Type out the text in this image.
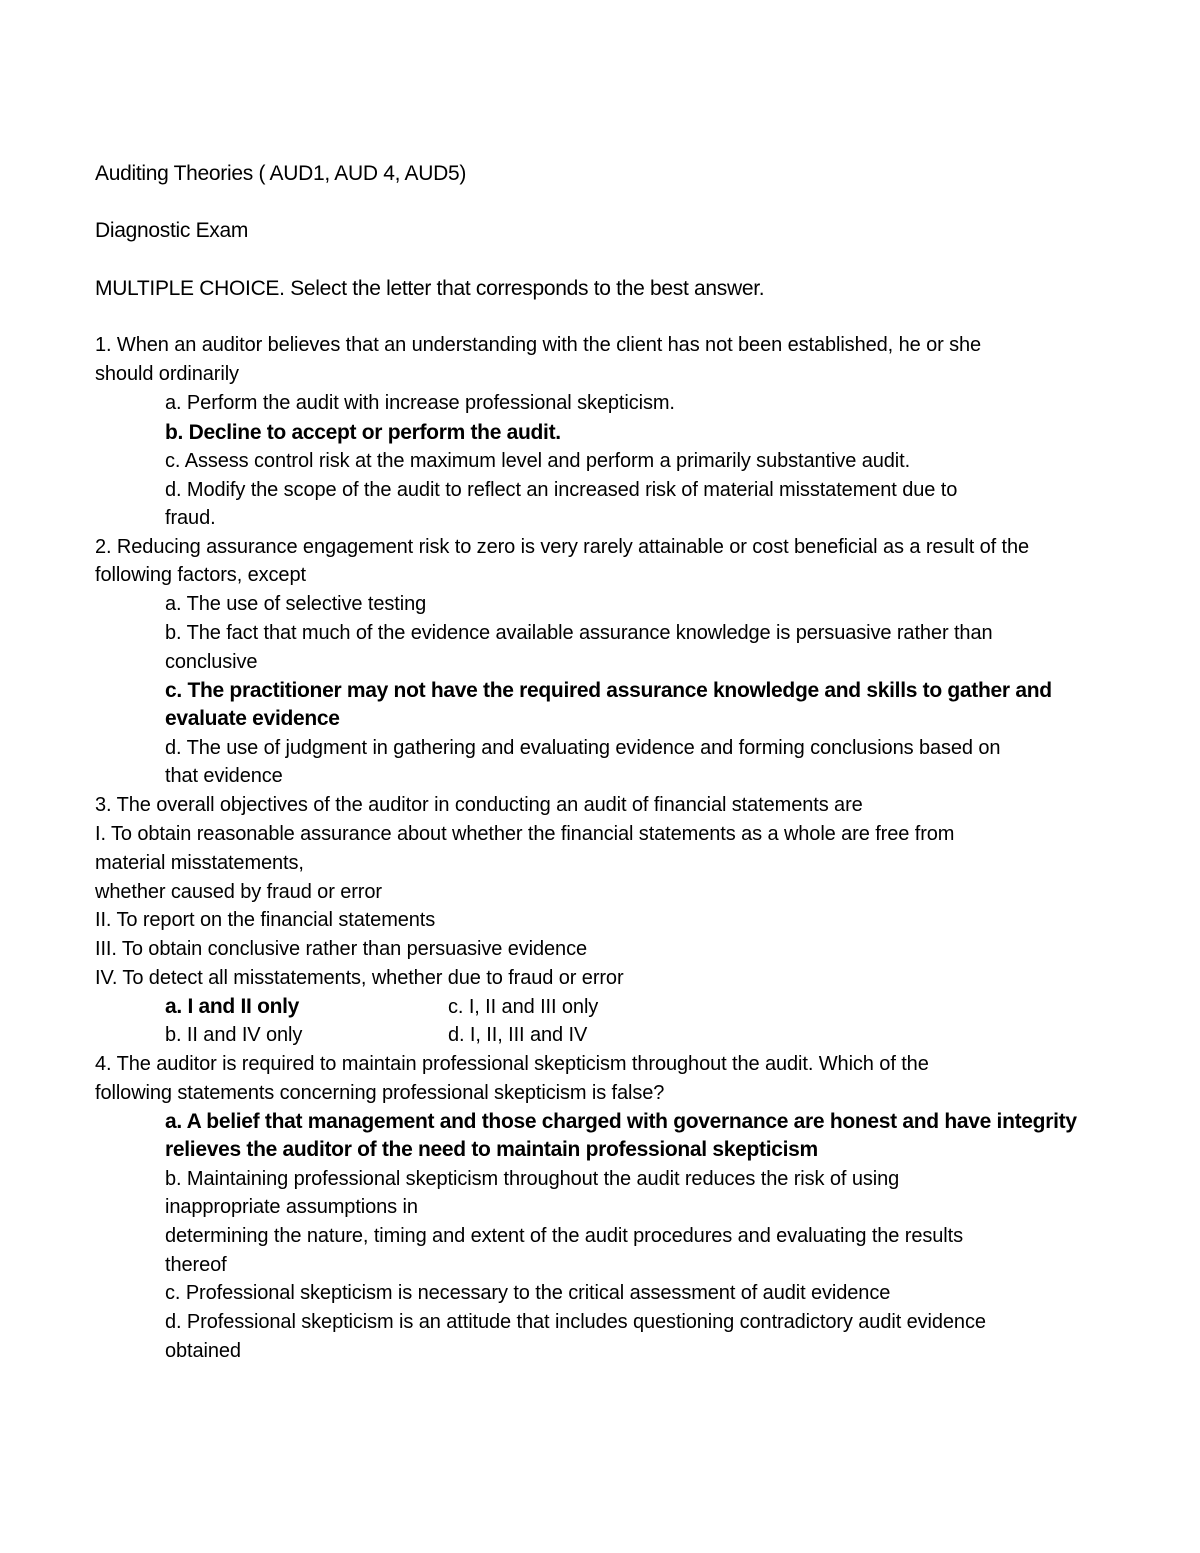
Auditing Theories ( AUD1, AUD 4, AUD5)
Diagnostic Exam
MULTIPLE CHOICE. Select the letter that corresponds to the best answer.
1. When an auditor believes that an understanding with the client has not been established, he or she
should ordinarily
a. Perform the audit with increase professional skepticism.
b. Decline to accept or perform the audit.
c. Assess control risk at the maximum level and perform a primarily substantive audit.
d. Modify the scope of the audit to reflect an increased risk of material misstatement due to
fraud.
2. Reducing assurance engagement risk to zero is very rarely attainable or cost beneficial as a result of the
following factors, except
a. The use of selective testing
b. The fact that much of the evidence available assurance knowledge is persuasive rather than
conclusive
c. The practitioner may not have the required assurance knowledge and skills to gather and
evaluate evidence
d. The use of judgment in gathering and evaluating evidence and forming conclusions based on
that evidence
3. The overall objectives of the auditor in conducting an audit of financial statements are
I. To obtain reasonable assurance about whether the financial statements as a whole are free from
material misstatements,
whether caused by fraud or error
II. To report on the financial statements
III. To obtain conclusive rather than persuasive evidence
IV. To detect all misstatements, whether due to fraud or error
a. I and II only	c. I, II and III only
b. II and IV only	d. I, II, III and IV
4. The auditor is required to maintain professional skepticism throughout the audit. Which of the
following statements concerning professional skepticism is false?
a. A belief that management and those charged with governance are honest and have integrity
relieves the auditor of the need to maintain professional skepticism
b. Maintaining professional skepticism throughout the audit reduces the risk of using
inappropriate assumptions in
determining the nature, timing and extent of the audit procedures and evaluating the results
thereof
c. Professional skepticism is necessary to the critical assessment of audit evidence
d. Professional skepticism is an attitude that includes questioning contradictory audit evidence
obtained
